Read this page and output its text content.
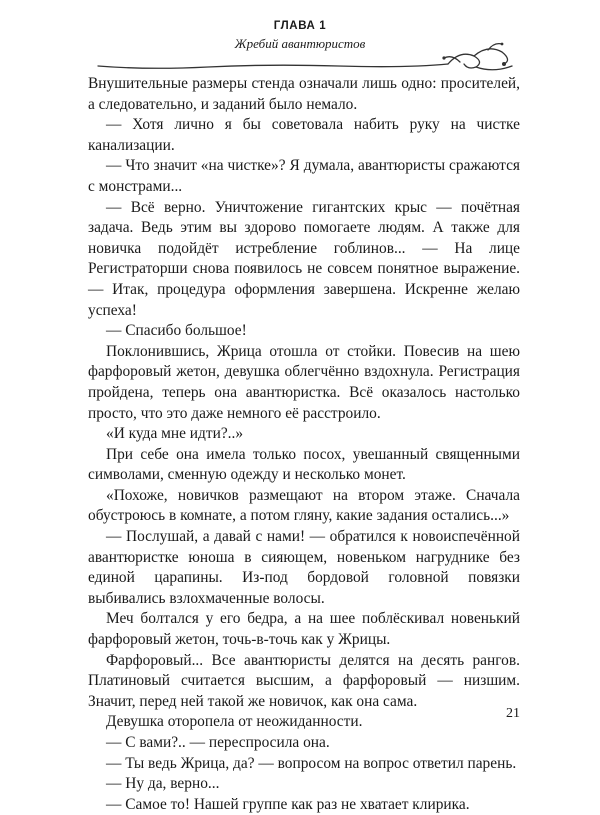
ГЛАВА 1
Жребий авантюристов

Внушительные размеры стенда означали лишь одно: просителей, а следовательно, и заданий было немало.

— Хотя лично я бы советовала набить руку на чистке канализации.

— Что значит «на чистке»? Я думала, авантюристы сражаются с монстрами...

— Всё верно. Уничтожение гигантских крыс — почётная задача. Ведь этим вы здорово помогаете людям. А также для новичка подойдёт истребление гоблинов... — На лице Регистраторши снова появилось не совсем понятное выражение. — Итак, процедура оформления завершена. Искренне желаю успеха!

— Спасибо большое!

Поклонившись, Жрица отошла от стойки. Повесив на шею фарфоровый жетон, девушка облегчённо вздохнула. Регистрация пройдена, теперь она авантюристка. Всё оказалось настолько просто, что это даже немного её расстроило.

«И куда мне идти?..»

При себе она имела только посох, увешанный священными символами, сменную одежду и несколько монет.

«Похоже, новичков размещают на втором этаже. Сначала обустроюсь в комнате, а потом гляну, какие задания остались...»

— Послушай, а давай с нами! — обратился к новоиспечённой авантюристке юноша в сияющем, новеньком нагруднике без единой царапины. Из-под бордовой головной повязки выбивались взлохмаченные волосы.

Меч болтался у его бедра, а на шее поблёскивал новенький фарфоровый жетон, точь-в-точь как у Жрицы.

Фарфоровый... Все авантюристы делятся на десять рангов. Платиновый считается высшим, а фарфоровый — низшим. Значит, перед ней такой же новичок, как она сама.

Девушка оторопела от неожиданности.

— С вами?.. — переспросила она.

— Ты ведь Жрица, да? — вопросом на вопрос ответил парень.

— Ну да, верно...

— Самое то! Нашей группе как раз не хватает клирика.

21
